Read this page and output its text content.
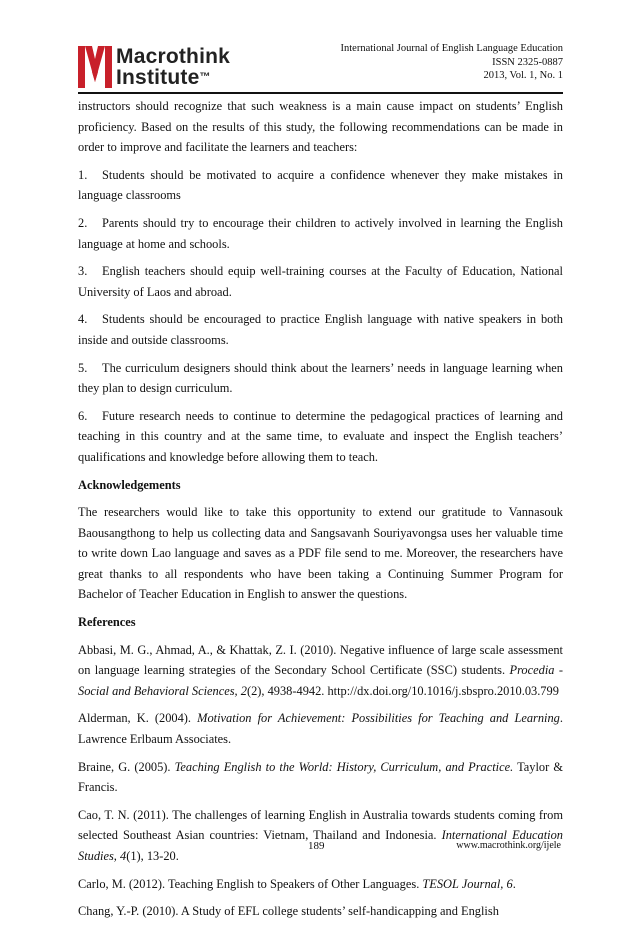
Macrothink
Institute™
International Journal of English Language Education
ISSN 2325-0887
2013, Vol. 1, No. 1

instructors should recognize that such weakness is a main cause impact on students’ English proficiency. Based on the results of this study, the following recommendations can be made in order to improve and facilitate the learners and teachers:

1. Students should be motivated to acquire a confidence whenever they make mistakes in language classrooms

2. Parents should try to encourage their children to actively involved in learning the English language at home and schools.

3. English teachers should equip well-training courses at the Faculty of Education, National University of Laos and abroad.

4. Students should be encouraged to practice English language with native speakers in both inside and outside classrooms.

5. The curriculum designers should think about the learners’ needs in language learning when they plan to design curriculum.

6. Future research needs to continue to determine the pedagogical practices of learning and teaching in this country and at the same time, to evaluate and inspect the English teachers’ qualifications and knowledge before allowing them to teach.

Acknowledgements

The researchers would like to take this opportunity to extend our gratitude to Vannasouk Baousangthong to help us collecting data and Sangsavanh Souriyavongsa uses her valuable time to write down Lao language and saves as a PDF file send to me. Moreover, the researchers have great thanks to all respondents who have been taking a Continuing Summer Program for Bachelor of Teacher Education in English to answer the questions.

References

Abbasi, M. G., Ahmad, A., & Khattak, Z. I. (2010). Negative influence of large scale assessment on language learning strategies of the Secondary School Certificate (SSC) students. Procedia - Social and Behavioral Sciences, 2(2), 4938-4942. http://dx.doi.org/10.1016/j.sbspro.2010.03.799

Alderman, K. (2004). Motivation for Achievement: Possibilities for Teaching and Learning. Lawrence Erlbaum Associates.

Braine, G. (2005). Teaching English to the World: History, Curriculum, and Practice. Taylor & Francis.

Cao, T. N. (2011). The challenges of learning English in Australia towards students coming from selected Southeast Asian countries: Vietnam, Thailand and Indonesia. International Education Studies, 4(1), 13-20.

Carlo, M. (2012). Teaching English to Speakers of Other Languages. TESOL Journal, 6.

Chang, Y.-P. (2010). A Study of EFL college students’ self-handicapping and English

189	www.macrothink.org/ijele
